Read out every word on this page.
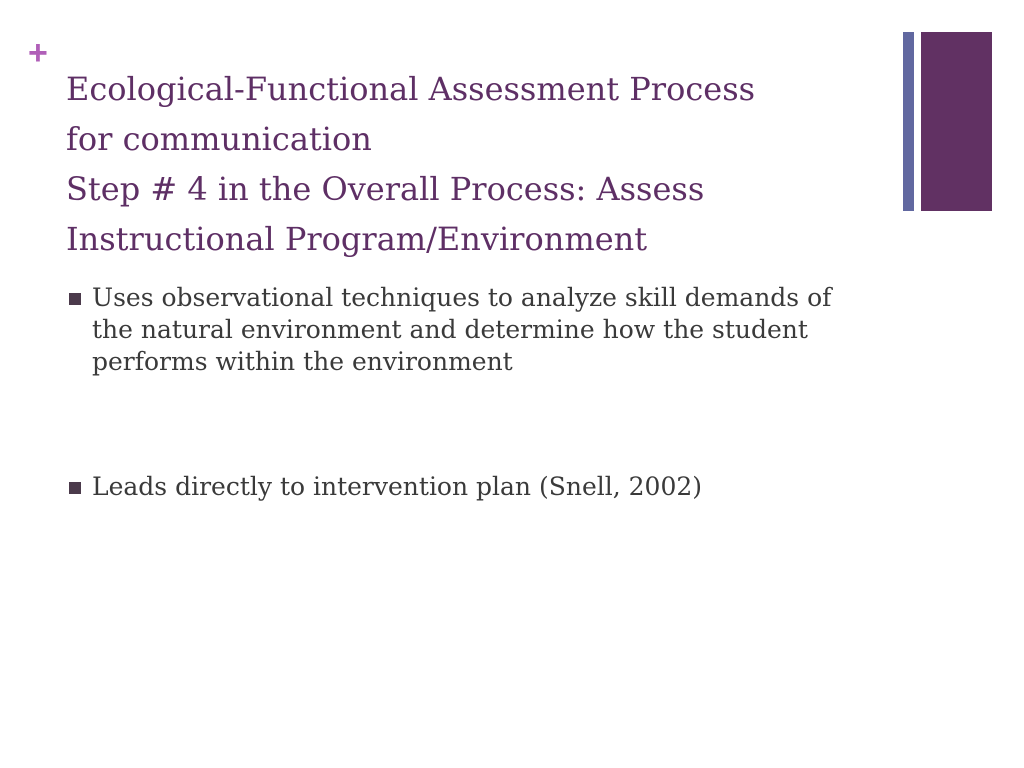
+
Ecological-Functional Assessment Process
for communication
Step # 4 in the Overall Process: Assess
Instructional Program/Environment
Uses observational techniques to analyze skill demands of the natural environment and determine how the student performs within the environment
Leads directly to intervention plan (Snell, 2002)
